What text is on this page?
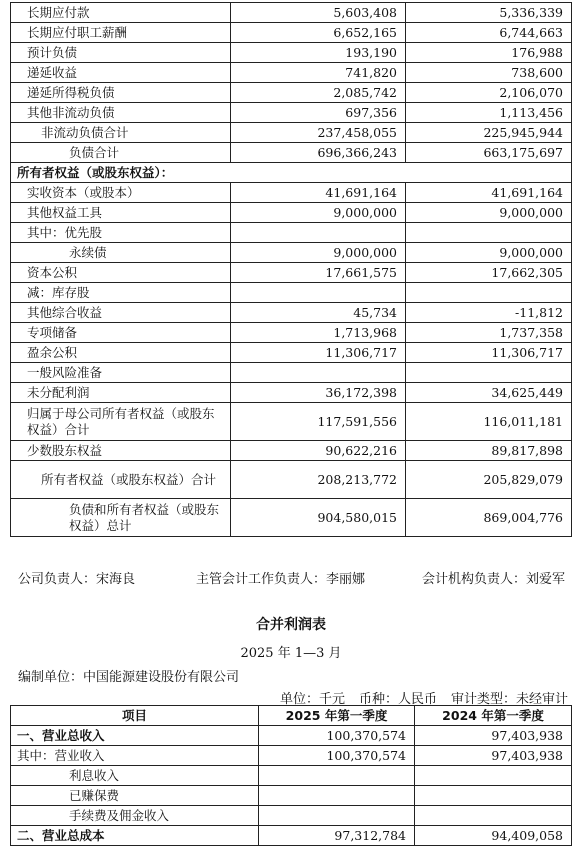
长期应付款	5,603,408	5,336,339
长期应付职工薪酬	6,652,165	6,744,663
预计负债	193,190	176,988
递延收益	741,820	738,600
递延所得税负债	2,085,742	2,106,070
其他非流动负债	697,356	1,113,456
非流动负债合计	237,458,055	225,945,944
负债合计	696,366,243	663,175,697
所有者权益（或股东权益）：		
实收资本（或股本）	41,691,164	41,691,164
其他权益工具	9,000,000	9,000,000
其中：优先股		
永续债	9,000,000	9,000,000
资本公积	17,661,575	17,662,305
减：库存股		
其他综合收益	45,734	-11,812
专项储备	1,713,968	1,737,358
盈余公积	11,306,717	11,306,717
一般风险准备		
未分配利润	36,172,398	34,625,449
归属于母公司所有者权益（或股东权益）合计	117,591,556	116,011,181
少数股东权益	90,622,216	89,817,898
所有者权益（或股东权益）合计	208,213,772	205,829,079
负债和所有者权益（或股东权益）总计	904,580,015	869,004,776
公司负责人：宋海良	主管会计工作负责人：李丽娜	会计机构负责人：刘爱军
合并利润表
2025 年 1—3 月
编制单位：中国能源建设股份有限公司
单位：千元 币种：人民币 审计类型：未经审计
项目	2025 年第一季度	2024 年第一季度
一、营业总收入	100,370,574	97,403,938
其中：营业收入	100,370,574	97,403,938
利息收入		
已赚保费		
手续费及佣金收入		
二、营业总成本	97,312,784	94,409,058
